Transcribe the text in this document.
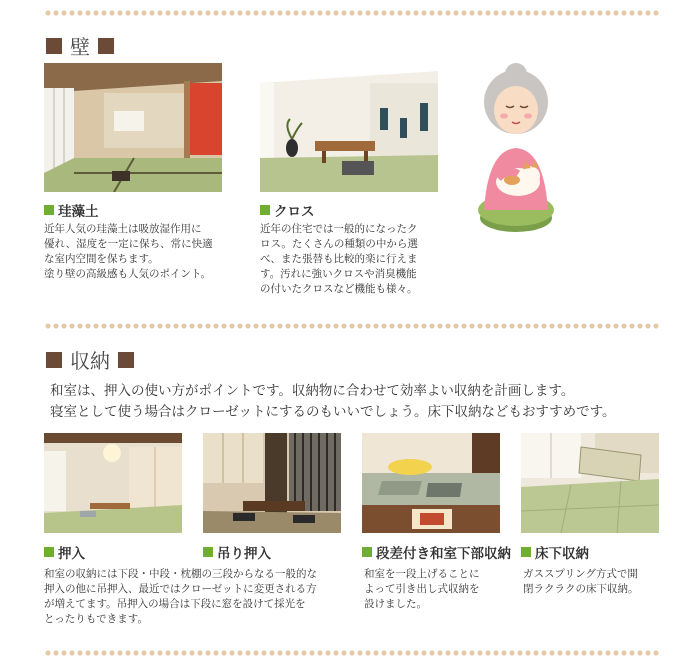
壁
珪藻土
近年人気の珪藻土は吸放湿作用に
優れ、湿度を一定に保ち、常に快適
な室内空間を保ちます。
塗り壁の高級感も人気のポイント。
クロス
近年の住宅では一般的になったク
ロス。たくさんの種類の中から選
べ、また張替も比較的楽に行えま
す。汚れに強いクロスや消臭機能
の付いたクロスなど機能も様々。
収納
和室は、押入の使い方がポイントです。収納物に合わせて効率よい収納を計画します。
寝室として使う場合はクローゼットにするのもいいでしょう。床下収納などもおすすめです。
押入
和室の収納には下段・中段・枕棚の三段からなる一般的な
押入の他に吊押入、最近ではクローゼットに変更される方
が増えてます。吊押入の場合は下段に窓を設けて採光を
とったりもできます。
吊り押入	段差付き和室下部収納
和室を一段上げることに
よって引き出し式収納を
設けました。
床下収納
ガススプリング方式で開
閉ラクラクの床下収納。
